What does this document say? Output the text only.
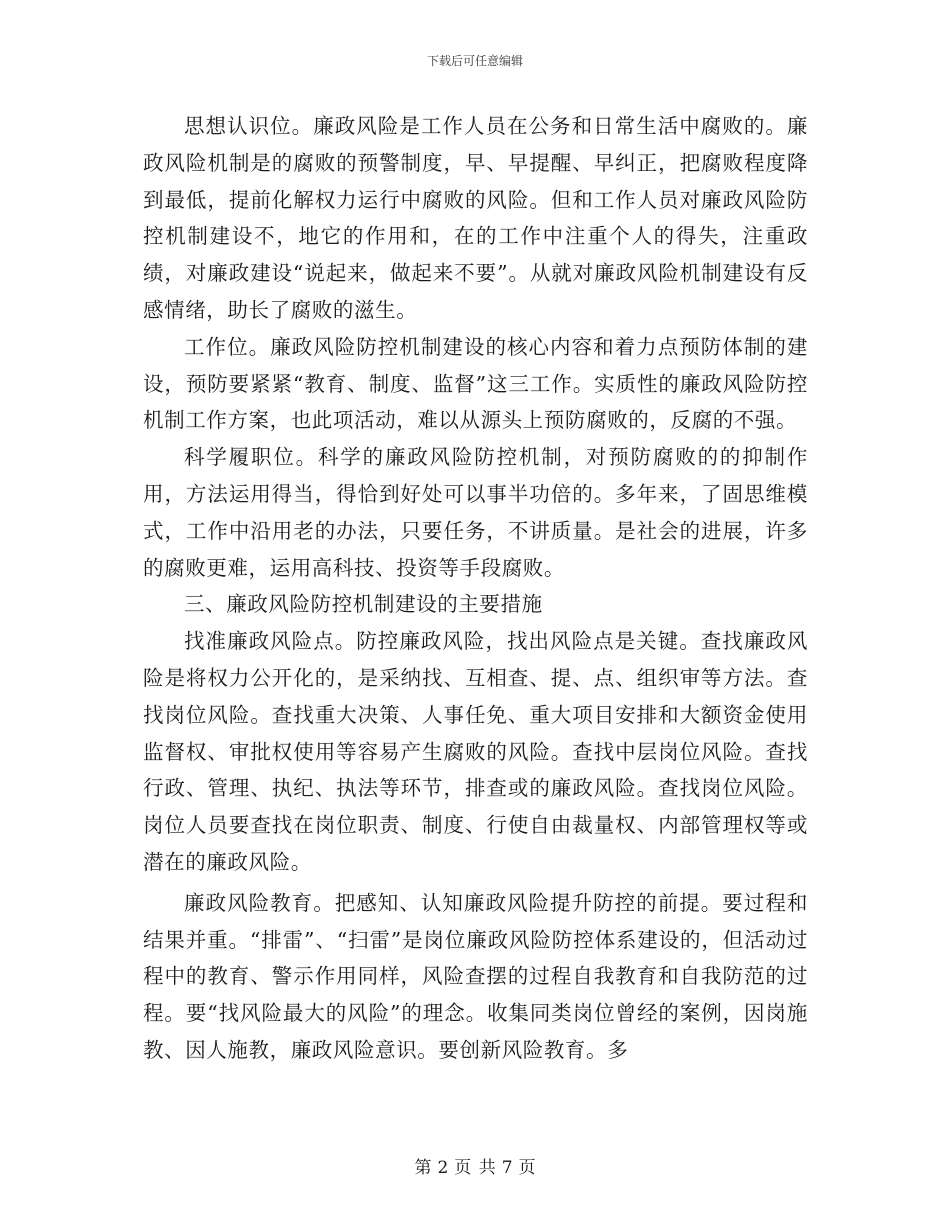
下载后可任意编辑

思想认识位。廉政风险是工作人员在公务和日常生活中腐败的。廉政风险机制是的腐败的预警制度，早、早提醒、早纠正，把腐败程度降到最低，提前化解权力运行中腐败的风险。但和工作人员对廉政风险防控机制建设不，地它的作用和，在的工作中注重个人的得失，注重政绩，对廉政建设“说起来，做起来不要”。从就对廉政风险机制建设有反感情绪，助长了腐败的滋生。

工作位。廉政风险防控机制建设的核心内容和着力点预防体制的建设，预防要紧紧“教育、制度、监督”这三工作。实质性的廉政风险防控机制工作方案，也此项活动，难以从源头上预防腐败的，反腐的不强。

科学履职位。科学的廉政风险防控机制，对预防腐败的的抑制作用，方法运用得当，得恰到好处可以事半功倍的。多年来，了固思维模式，工作中沿用老的办法，只要任务，不讲质量。是社会的进展，许多的腐败更难，运用高科技、投资等手段腐败。

三、廉政风险防控机制建设的主要措施

找准廉政风险点。防控廉政风险，找出风险点是关键。查找廉政风险是将权力公开化的，是采纳找、互相查、提、点、组织审等方法。查找岗位风险。查找重大决策、人事任免、重大项目安排和大额资金使用监督权、审批权使用等容易产生腐败的风险。查找中层岗位风险。查找行政、管理、执纪、执法等环节，排查或的廉政风险。查找岗位风险。岗位人员要查找在岗位职责、制度、行使自由裁量权、内部管理权等或潜在的廉政风险。

廉政风险教育。把感知、认知廉政风险提升防控的前提。要过程和结果并重。“排雷”、“扫雷”是岗位廉政风险防控体系建设的，但活动过程中的教育、警示作用同样，风险查摆的过程自我教育和自我防范的过程。要“找风险最大的风险”的理念。收集同类岗位曾经的案例，因岗施教、因人施教，廉政风险意识。要创新风险教育。多

第 2 页 共 7 页
